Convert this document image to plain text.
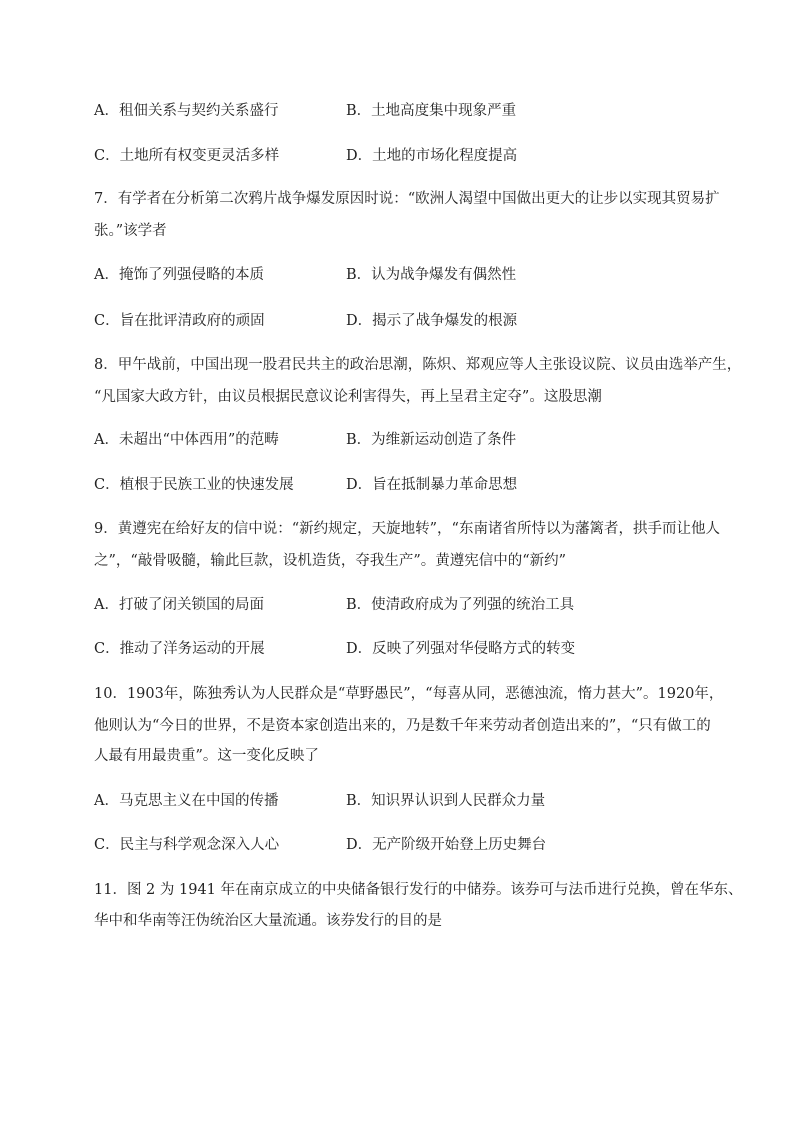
A．租佃关系与契约关系盛行	B．土地高度集中现象严重
C．土地所有权变更灵活多样	D．土地的市场化程度提高
7．有学者在分析第二次鸦片战争爆发原因时说：“欧洲人渴望中国做出更大的让步以实现其贸易扩
张。”该学者
A．掩饰了列强侵略的本质	B．认为战争爆发有偶然性
C．旨在批评清政府的顽固	D．揭示了战争爆发的根源
8．甲午战前，中国出现一股君民共主的政治思潮，陈炽、郑观应等人主张设议院、议员由选举产生，
“凡国家大政方针，由议员根据民意议论利害得失，再上呈君主定夺”。这股思潮
A．未超出“中体西用”的范畴	B．为维新运动创造了条件
C．植根于民族工业的快速发展	D．旨在抵制暴力革命思想
9．黄遵宪在给好友的信中说：“新约规定，天旋地转”，“东南诸省所恃以为藩篱者，拱手而让他人
之”，“敲骨吸髓，输此巨款，设机造货，夺我生产”。黄遵宪信中的“新约”
A．打破了闭关锁国的局面	B．使清政府成为了列强的统治工具
C．推动了洋务运动的开展	D．反映了列强对华侵略方式的转变
10．1903年，陈独秀认为人民群众是“草野愚民”，“每喜从同，恶德浊流，惰力甚大”。1920年，
他则认为“今日的世界，不是资本家创造出来的，乃是数千年来劳动者创造出来的”，“只有做工的
人最有用最贵重”。这一变化反映了
A．马克思主义在中国的传播	B．知识界认识到人民群众力量
C．民主与科学观念深入人心	D．无产阶级开始登上历史舞台
11．图 2 为 1941 年在南京成立的中央储备银行发行的中储券。该券可与法币进行兑换，曾在华东、
华中和华南等汪伪统治区大量流通。该券发行的目的是
